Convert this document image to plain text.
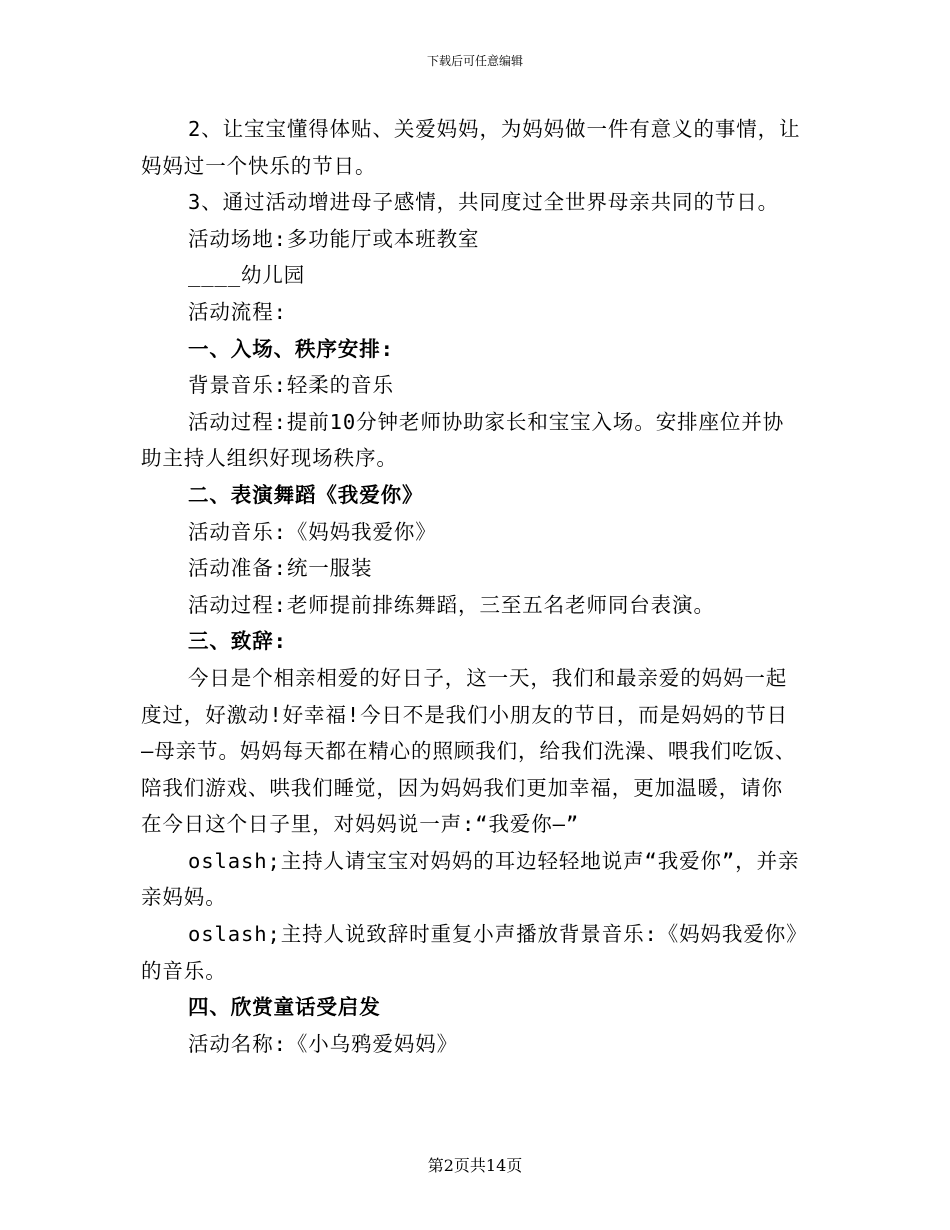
下载后可任意编辑

2、让宝宝懂得体贴、关爱妈妈，为妈妈做一件有意义的事情，让

妈妈过一个快乐的节日。

3、通过活动增进母子感情，共同度过全世界母亲共同的节日。

活动场地:多功能厅或本班教室

____幼儿园

活动流程:

一、入场、秩序安排:

背景音乐:轻柔的音乐

活动过程:提前10分钟老师协助家长和宝宝入场。安排座位并协

助主持人组织好现场秩序。

二、表演舞蹈《我爱你》

活动音乐:《妈妈我爱你》

活动准备:统一服装

活动过程:老师提前排练舞蹈，三至五名老师同台表演。

三、致辞:

今日是个相亲相爱的好日子，这一天，我们和最亲爱的妈妈一起

度过，好激动!好幸福!今日不是我们小朋友的节日，而是妈妈的节日

—母亲节。妈妈每天都在精心的照顾我们，给我们洗澡、喂我们吃饭、

陪我们游戏、哄我们睡觉，因为妈妈我们更加幸福，更加温暖，请你

在今日这个日子里，对妈妈说一声:“我爱你—”

oslash;主持人请宝宝对妈妈的耳边轻轻地说声“我爱你”，并亲

亲妈妈。

oslash;主持人说致辞时重复小声播放背景音乐:《妈妈我爱你》

的音乐。

四、欣赏童话受启发

活动名称:《小乌鸦爱妈妈》

第2页共14页
